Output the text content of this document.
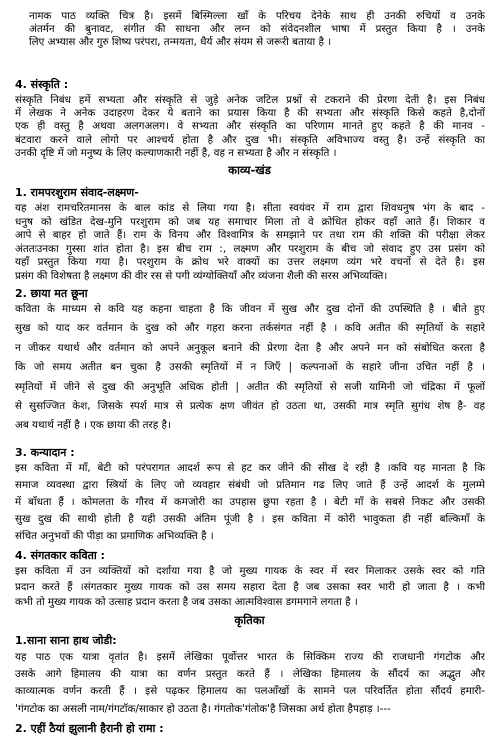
नामक पाठ व्यक्ति चित्र है। इसमें बिस्मिल्ला खाँ के परिचय देनेके साथ ही उनकी रुचियों व उनके
अंतर्मन की बुनावट, संगीत की साधना और लग्न को संवेदनशील भाषा में प्रस्तुत किया है । उनके
लिए अभ्यास और गुरु शिष्य परंपरा, तन्मयता, धैर्य और संयम से जरूरी बताया है ।
4. संस्कृति :
संस्कृति निबंध हमें सभ्यता और संस्कृति से जुड़े अनेक जटिल प्रश्नों से टकराने की प्रेरणा देती है। इस निबंध
में लेखक ने अनेक उदाहरण देकर ये बताने का प्रयास किया है की सभ्यता और संस्कृति किसे कहते है,दोनों
एक ही वस्तु है अथवा अलगअलग। वे सभ्यता और संस्कृति का परिणाम मानते हुए कहते है की मानव -
बंटवारा करने वाले लोगो पर आश्चर्य होता है और दुख भी। संस्कृति अविभाज्य वस्तु है। उन्हें संस्कृति का
उनकी दृष्टि में जो मनुष्य के लिए कल्याणकारी नहीं है, वह न सभ्यता है और न संस्कृति ।
काव्य-खंड
1. रामपरशुराम संवाद-लक्ष्मण-
यह अंश रामचरितमानस के बाल कांड से लिया गया है। सीता स्वयंवर में राम द्वारा शिवधनुष भंग के बाद -
धनुष को खंडित देख-मुनि परशुराम को जब यह समाचार मिला तो वे क्रोधित होकर वहाँ आते हैं। शिकार व
आपे से बाहर हो जाते हैं। राम के विनय और विश्वामित्र के समझाने पर तथा राम की शक्ति की परीक्षा लेकर
अंततःउनका गुस्सा शांत होता है। इस बीच राम :, लक्ष्मण और परशुराम के बीच जो संवाद हुए उस प्रसंग को
यहाँ प्रस्तुत किया गया है। परशुराम के क्रोध भरे वाक्यों का उत्तर लक्ष्मण व्यंग भरे वचनों से देते है। इस
प्रसंग की विशेषता है लक्ष्मण की वीर रस से पगी व्यंग्योक्तियाँ और व्यंजना शैली की सरस अभिव्यक्ति।
2. छाया मत छूना
कविता के माध्यम से कवि यह कहना चाहता है कि जीवन में सुख और दुख दोनों की उपस्थिति है । बीते हुए
सुख को याद कर वर्तमान के दुख को और गहरा करना तर्कसंगत नहीं है । कवि अतीत की स्मृतियों के सहारे
न जीकर यथार्थ और वर्तमान को अपने अनुकूल बनाने की प्रेरणा देता है और अपने मन को संबोधित करता है
कि जो समय अतीत बन चुका है उसकी स्मृतियों में न जिएँ | कल्पनाओं के सहारे जीना उचित नहीं है ।
स्मृतियों में जीने से दुख की अनुभूति अधिक होती | अतीत की स्मृतियों से सजी यामिनी जो चंद्रिका में फूलों
से सुसज्जित केश, जिसके स्पर्श मात्र से प्रत्येक क्षण जीवंत हो उठता था, उसकी मात्र स्मृति सुगंध शेष है- वह
अब यथार्थ नहीं है । एक छाया की तरह है।
3. कन्यादान :
इस कविता में माँ, बेटी को परंपरागत आदर्श रूप से हट कर जीने की सीख दे रही है ।कवि यह मानता है कि
समाज व्यवस्था द्वारा स्त्रियों के लिए जो व्यवहार संबंधी जो प्रतिमान गढ लिए जाते हैं उन्हें आदर्श के मुलम्मे
में बाँधता हैं । कोमलता के गौरव में कमजोरी का उपहास छुपा रहता है । बेटी माँ के सबसे निकट और उसकी
सुख दुख की साथी होती है यही उसकी अंतिम पूंजी है । इस कविता में कोरी भावुकता ही नहीं बल्किमाँ के
संचित अनुभवों की पीड़ा का प्रमाणिक अभिव्यक्ति है ।
4. संगतकार कविता :
इस कविता में उन व्यक्तियों को दर्शाया गया है जो मुख्य गायक के स्वर में स्वर मिलाकर उसके स्वर को गति
प्रदान करते हैं ।संगतकार मुख्य गायक को उस समय सहारा देता है जब उसका स्वर भारी हो जाता है । कभी
कभी तो मुख्य गायक को उत्साह प्रदान करता है जब उसका आत्मविश्वास डगमगाने लगता है ।
कृतिका
1.साना साना हाथ जोडी:
यह पाठ एक यात्रा वृतांत है। इसमें लेखिका पूर्वोत्तर भारत के सिक्किम राज्य की राजधानी गंगटोक और
उसके आगे हिमालय की यात्रा का वर्णन प्रस्तुत करते हैं । लेखिका हिमालय के सौंदर्य का अद्भुत और
काव्यात्मक वर्णन करती हैं । इसे पढ़कर हिमालय का पलआँखों के सामने पल परिवर्तित होता सौंदर्य हमारी-
'गंगटोक का असली नाम/गंगटॉक/साकार हो उठता है। गंगतोक'गंतोक'है जिसका अर्थ होता हैपहाड़ ।---
2. एहीं ठैयां झुलानी हैरानी हो रामा :
